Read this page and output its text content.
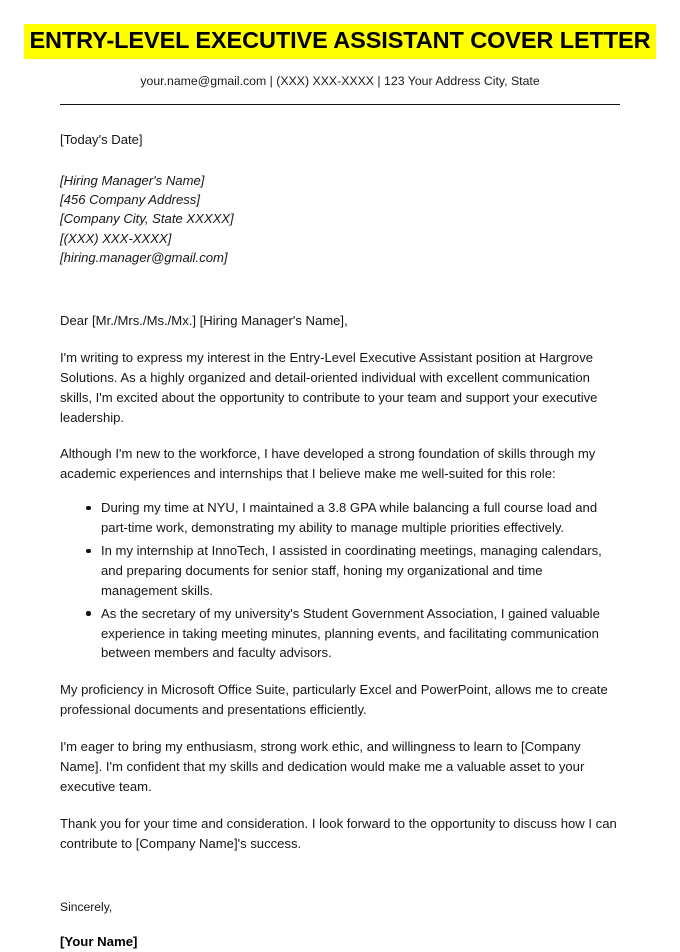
ENTRY-LEVEL EXECUTIVE ASSISTANT COVER LETTER

your.name@gmail.com | (XXX) XXX-XXXX | 123 Your Address City, State

[Today's Date]

[Hiring Manager's Name]

[456 Company Address]

[Company City, State XXXXX]

[(XXX) XXX-XXXX]

[hiring.manager@gmail.com]

Dear [Mr./Mrs./Ms./Mx.] [Hiring Manager's Name],

I'm writing to express my interest in the Entry-Level Executive Assistant position at Hargrove Solutions. As a highly organized and detail-oriented individual with excellent communication skills, I'm excited about the opportunity to contribute to your team and support your executive leadership.

Although I'm new to the workforce, I have developed a strong foundation of skills through my academic experiences and internships that I believe make me well-suited for this role:

During my time at NYU, I maintained a 3.8 GPA while balancing a full course load and part-time work, demonstrating my ability to manage multiple priorities effectively.
In my internship at InnoTech, I assisted in coordinating meetings, managing calendars, and preparing documents for senior staff, honing my organizational and time management skills.
As the secretary of my university's Student Government Association, I gained valuable experience in taking meeting minutes, planning events, and facilitating communication between members and faculty advisors.

My proficiency in Microsoft Office Suite, particularly Excel and PowerPoint, allows me to create professional documents and presentations efficiently.

I'm eager to bring my enthusiasm, strong work ethic, and willingness to learn to [Company Name]. I'm confident that my skills and dedication would make me a valuable asset to your executive team.

Thank you for your time and consideration. I look forward to the opportunity to discuss how I can contribute to [Company Name]'s success.

Sincerely,

[Your Name]
